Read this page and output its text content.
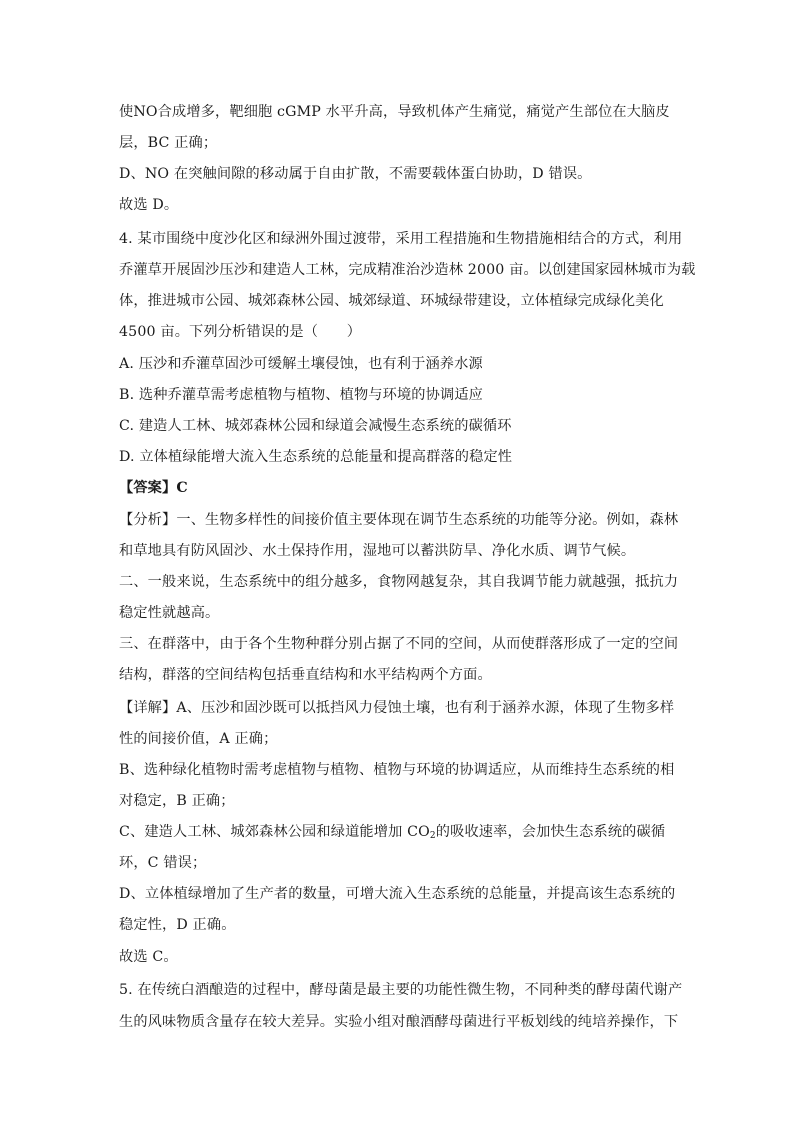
使NO合成增多，靶细胞 cGMP 水平升高，导致机体产生痛觉，痛觉产生部位在大脑皮
层，BC 正确；
D、NO 在突触间隙的移动属于自由扩散，不需要载体蛋白协助，D 错误。
故选 D。
4. 某市围绕中度沙化区和绿洲外围过渡带，采用工程措施和生物措施相结合的方式，利用
乔灌草开展固沙压沙和建造人工林，完成精准治沙造林 2000 亩。以创建国家园林城市为载
体，推进城市公园、城郊森林公园、城郊绿道、环城绿带建设，立体植绿完成绿化美化
4500 亩。下列分析错误的是（　　）
A. 压沙和乔灌草固沙可缓解土壤侵蚀，也有利于涵养水源
B. 选种乔灌草需考虑植物与植物、植物与环境的协调适应
C. 建造人工林、城郊森林公园和绿道会减慢生态系统的碳循环
D. 立体植绿能增大流入生态系统的总能量和提高群落的稳定性
【答案】C
【分析】一、生物多样性的间接价值主要体现在调节生态系统的功能等分泌。例如，森林
和草地具有防风固沙、水土保持作用，湿地可以蓄洪防旱、净化水质、调节气候。
二、一般来说，生态系统中的组分越多，食物网越复杂，其自我调节能力就越强，抵抗力
稳定性就越高。
三、在群落中，由于各个生物种群分别占据了不同的空间，从而使群落形成了一定的空间
结构，群落的空间结构包括垂直结构和水平结构两个方面。
【详解】A、压沙和固沙既可以抵挡风力侵蚀土壤，也有利于涵养水源，体现了生物多样
性的间接价值，A 正确；
B、选种绿化植物时需考虑植物与植物、植物与环境的协调适应，从而维持生态系统的相
对稳定，B 正确；
C、建造人工林、城郊森林公园和绿道能增加 $CO_2$的吸收速率，会加快生态系统的碳循
环，C 错误；
D、立体植绿增加了生产者的数量，可增大流入生态系统的总能量，并提高该生态系统的
稳定性，D 正确。
故选 C。
5. 在传统白酒酿造的过程中，酵母菌是最主要的功能性微生物，不同种类的酵母菌代谢产
生的风味物质含量存在较大差异。实验小组对酿酒酵母菌进行平板划线的纯培养操作，下
